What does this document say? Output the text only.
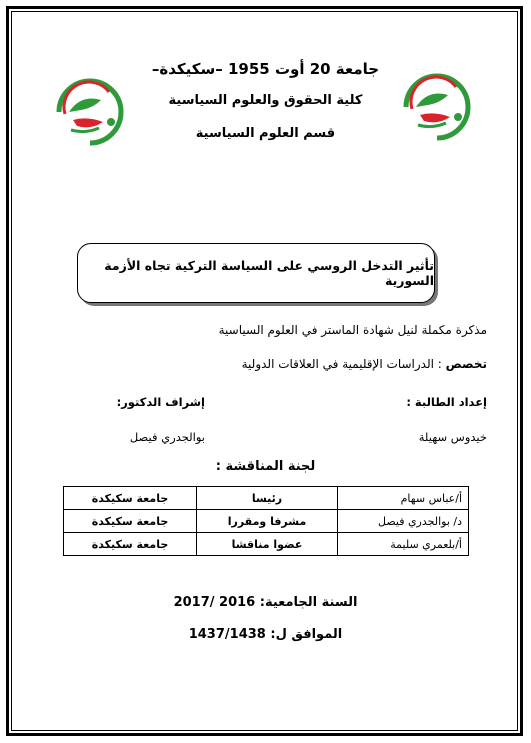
جامعة 20 أوت 1955 –سكيكدة–
كلية الحقوق والعلوم السياسية
قسم العلوم السياسية
تأثير التدخل الروسي على السياسة التركية تجاه الأزمة السورية
مذكرة مكملة لنيل شهادة الماستر في العلوم السياسية
تخصص : الدراسات الإقليمية في العلاقات الدولية
إعداد الطالبة :
إشراف الدكتور:
خيدوس سهيلة
بوالجدري فيصل
لجنة المناقشة :
أ/عباس سهام	رئيسا	جامعة سكيكدة
د/ بوالجدري فيصل	مشرفا ومقررا	جامعة سكيكدة
أ/بلعمري سليمة	عضوا مناقشا	جامعة سكيكدة
السنة الجامعية: 2016 /2017
الموافق ل: 1437/1438
